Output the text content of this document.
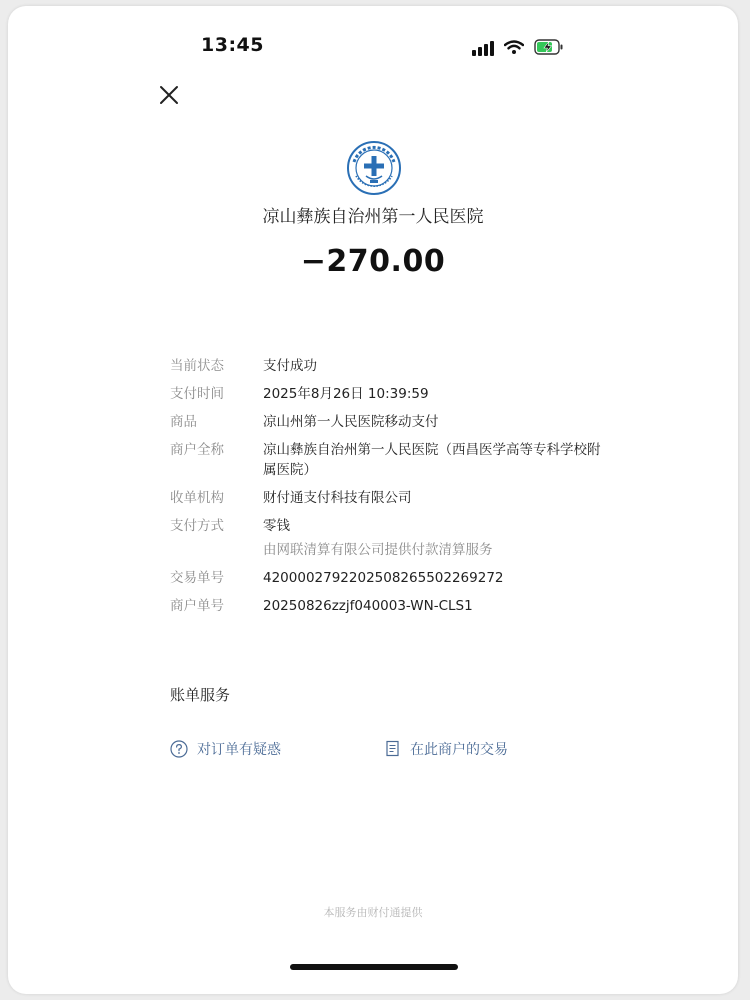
13:45
凉山彝族自治州第一人民医院
−270.00
当前状态	支付成功
支付时间	2025年8月26日 10:39:59
商品	凉山州第一人民医院移动支付
商户全称	凉山彝族自治州第一人民医院（西昌医学高等专科学校附属医院）
收单机构	财付通支付科技有限公司
支付方式	零钱
由网联清算有限公司提供付款清算服务
交易单号	4200002792202508265502269272
商户单号	20250826zzjf040003-WN-CLS1
账单服务
对订单有疑惑	在此商户的交易
本服务由财付通提供
